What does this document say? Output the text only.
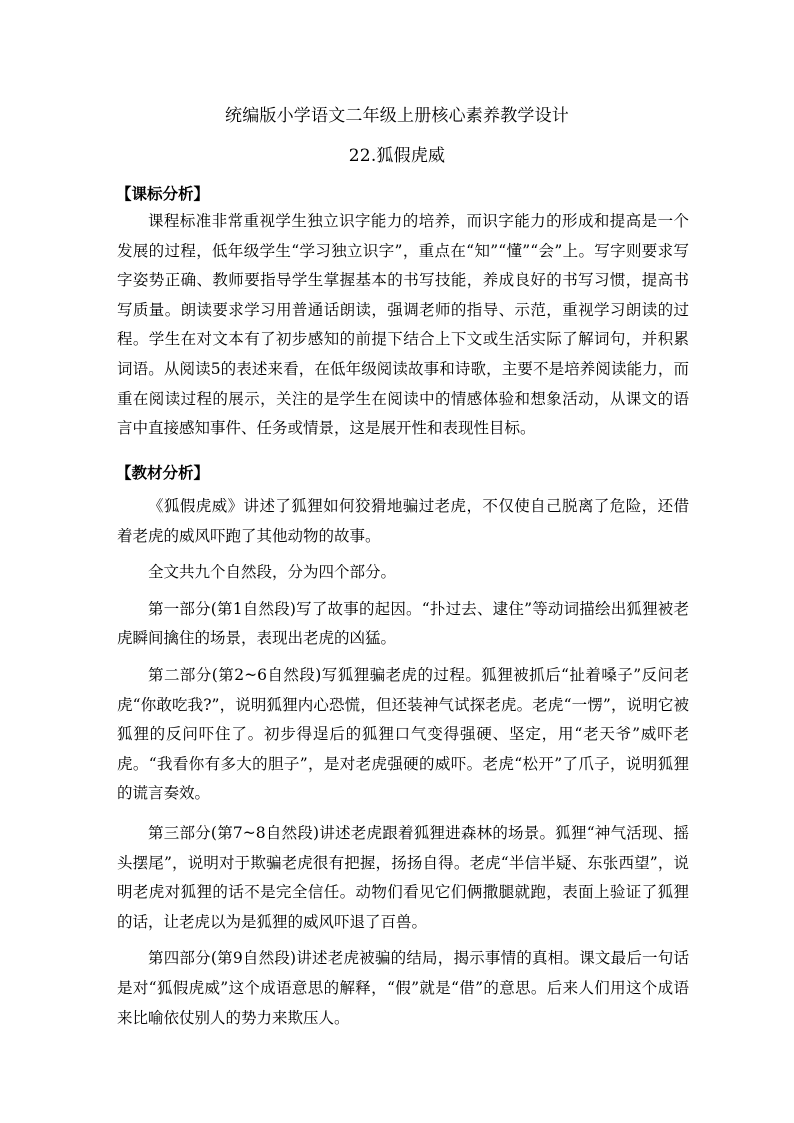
统编版小学语文二年级上册核心素养教学设计
22.狐假虎威
【课标分析】

课程标准非常重视学生独立识字能力的培养，而识字能力的形成和提高是一个发展的过程，低年级学生“学习独立识字”，重点在“知”“懂”“会”上。写字则要求写字姿势正确、教师要指导学生掌握基本的书写技能，养成良好的书写习惯，提高书写质量。朗读要求学习用普通话朗读，强调老师的指导、示范，重视学习朗读的过程。学生在对文本有了初步感知的前提下结合上下文或生活实际了解词句，并积累词语。从阅读5的表述来看，在低年级阅读故事和诗歌，主要不是培养阅读能力，而重在阅读过程的展示，关注的是学生在阅读中的情感体验和想象活动，从课文的语言中直接感知事件、任务或情景，这是展开性和表现性目标。

【教材分析】

《狐假虎威》讲述了狐狸如何狡猾地骗过老虎，不仅使自己脱离了危险，还借着老虎的威风吓跑了其他动物的故事。

全文共九个自然段，分为四个部分。

第一部分(第1自然段)写了故事的起因。“扑过去、逮住”等动词描绘出狐狸被老虎瞬间擒住的场景，表现出老虎的凶猛。

第二部分(第2~6自然段)写狐狸骗老虎的过程。狐狸被抓后“扯着嗓子”反问老虎“你敢吃我?”，说明狐狸内心恐慌，但还装神气试探老虎。老虎“一愣”，说明它被狐狸的反问吓住了。初步得逞后的狐狸口气变得强硬、坚定，用“老天爷”威吓老虎。“我看你有多大的胆子”，是对老虎强硬的威吓。老虎“松开”了爪子，说明狐狸的谎言奏效。

第三部分(第7~8自然段)讲述老虎跟着狐狸进森林的场景。狐狸“神气活现、摇头摆尾”，说明对于欺骗老虎很有把握，扬扬自得。老虎“半信半疑、东张西望”，说明老虎对狐狸的话不是完全信任。动物们看见它们俩撒腿就跑，表面上验证了狐狸的话，让老虎以为是狐狸的威风吓退了百兽。

第四部分(第9自然段)讲述老虎被骗的结局，揭示事情的真相。课文最后一句话是对“狐假虎威”这个成语意思的解释，“假”就是“借”的意思。后来人们用这个成语来比喻依仗别人的势力来欺压人。
